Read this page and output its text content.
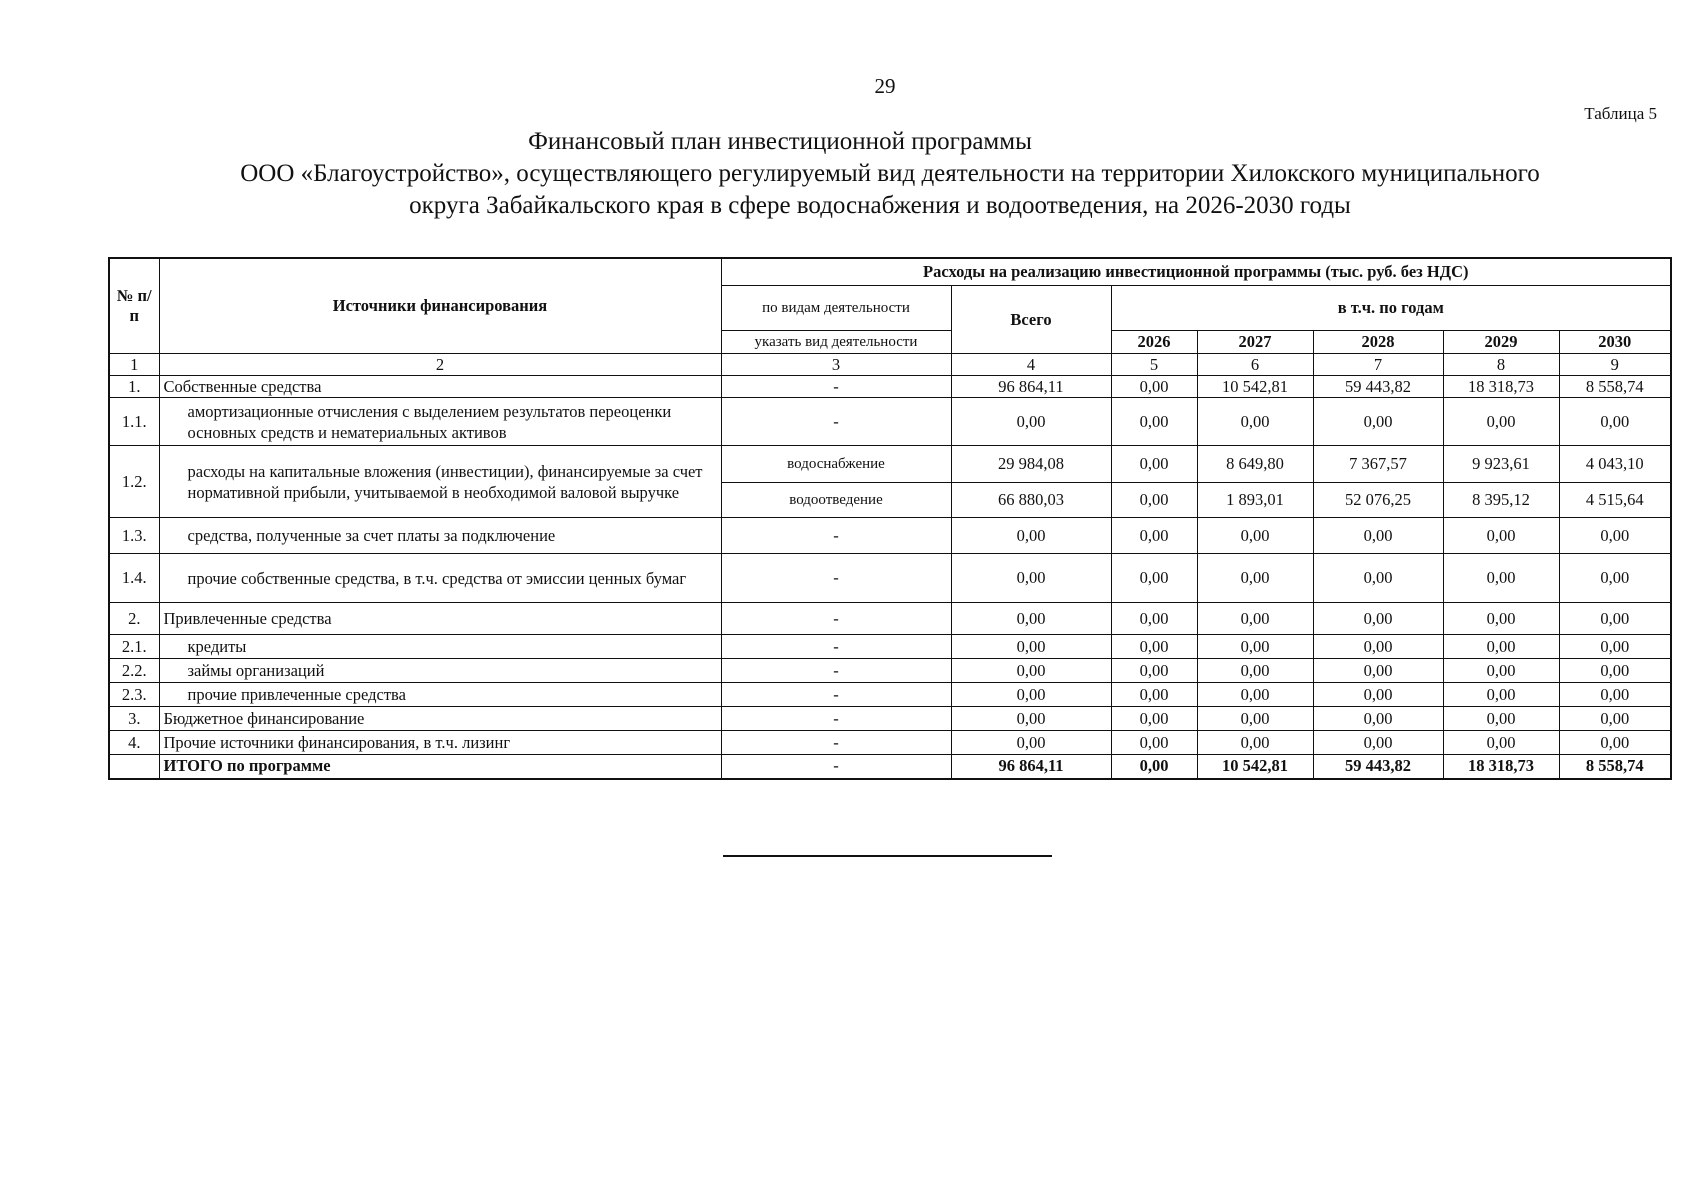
29
Таблица 5
Финансовый план инвестиционной программы
ООО «Благоустройство», осуществляющего регулируемый вид деятельности на территории Хилокского муниципального
округа Забайкальского края в сфере водоснабжения и водоотведения, на 2026-2030 годы
№ п/п	Источники финансирования	Расходы на реализацию инвестиционной программы (тыс. руб. без НДС)						
		по видам деятельности	Всего	в т.ч. по годам				
		указать вид деятельности		2026	2027	2028	2029	2030
1	2	3	4	5	6	7	8	9
1.	Собственные средства	-	96 864,11	0,00	10 542,81	59 443,82	18 318,73	8 558,74
1.1.	амортизационные отчисления с выделением результатов переоценки основных средств и нематериальных активов	-	0,00	0,00	0,00	0,00	0,00	0,00
1.2.	расходы на капитальные вложения (инвестиции), финансируемые за счет нормативной прибыли, учитываемой в необходимой валовой выручке	водоснабжение	29 984,08	0,00	8 649,80	7 367,57	9 923,61	4 043,10
		водоотведение	66 880,03	0,00	1 893,01	52 076,25	8 395,12	4 515,64
1.3.	средства, полученные за счет платы за подключение	-	0,00	0,00	0,00	0,00	0,00	0,00
1.4.	прочие собственные средства, в т.ч. средства от эмиссии ценных бумаг	-	0,00	0,00	0,00	0,00	0,00	0,00
2.	Привлеченные средства	-	0,00	0,00	0,00	0,00	0,00	0,00
2.1.	кредиты	-	0,00	0,00	0,00	0,00	0,00	0,00
2.2.	займы организаций	-	0,00	0,00	0,00	0,00	0,00	0,00
2.3.	прочие привлеченные средства	-	0,00	0,00	0,00	0,00	0,00	0,00
3.	Бюджетное финансирование	-	0,00	0,00	0,00	0,00	0,00	0,00
4.	Прочие источники финансирования, в т.ч. лизинг	-	0,00	0,00	0,00	0,00	0,00	0,00
	ИТОГО по программе	-	96 864,11	0,00	10 542,81	59 443,82	18 318,73	8 558,74
